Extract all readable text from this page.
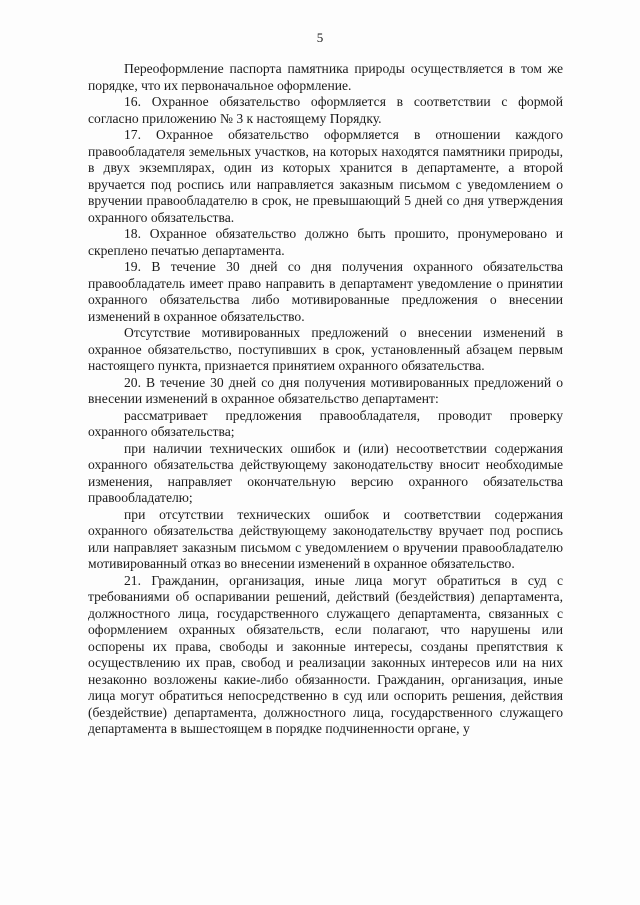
5

Переоформление паспорта памятника природы осуществляется в том же порядке, что их первоначальное оформление.

16. Охранное обязательство оформляется в соответствии с формой согласно приложению № 3 к настоящему Порядку.

17. Охранное обязательство оформляется в отношении каждого правообладателя земельных участков, на которых находятся памятники природы, в двух экземплярах, один из которых хранится в департаменте, а второй вручается под роспись или направляется заказным письмом с уведомлением о вручении правообладателю в срок, не превышающий 5 дней со дня утверждения охранного обязательства.

18. Охранное обязательство должно быть прошито, пронумеровано и скреплено печатью департамента.

19. В течение 30 дней со дня получения охранного обязательства правообладатель имеет право направить в департамент уведомление о принятии охранного обязательства либо мотивированные предложения о внесении изменений в охранное обязательство.

Отсутствие мотивированных предложений о внесении изменений в охранное обязательство, поступивших в срок, установленный абзацем первым настоящего пункта, признается принятием охранного обязательства.

20. В течение 30 дней со дня получения мотивированных предложений о внесении изменений в охранное обязательство департамент:

рассматривает предложения правообладателя, проводит проверку охранного обязательства;

при наличии технических ошибок и (или) несоответствии содержания охранного обязательства действующему законодательству вносит необходимые изменения, направляет окончательную версию охранного обязательства правообладателю;

при отсутствии технических ошибок и соответствии содержания охранного обязательства действующему законодательству вручает под роспись или направляет заказным письмом с уведомлением о вручении правообладателю мотивированный отказ во внесении изменений в охранное обязательство.

21. Гражданин, организация, иные лица могут обратиться в суд с требованиями об оспаривании решений, действий (бездействия) департамента, должностного лица, государственного служащего департамента, связанных с оформлением охранных обязательств, если полагают, что нарушены или оспорены их права, свободы и законные интересы, созданы препятствия к осуществлению их прав, свобод и реализации законных интересов или на них незаконно возложены какие-либо обязанности. Гражданин, организация, иные лица могут обратиться непосредственно в суд или оспорить решения, действия (бездействие) департамента, должностного лица, государственного служащего департамента в вышестоящем в порядке подчиненности органе, у
